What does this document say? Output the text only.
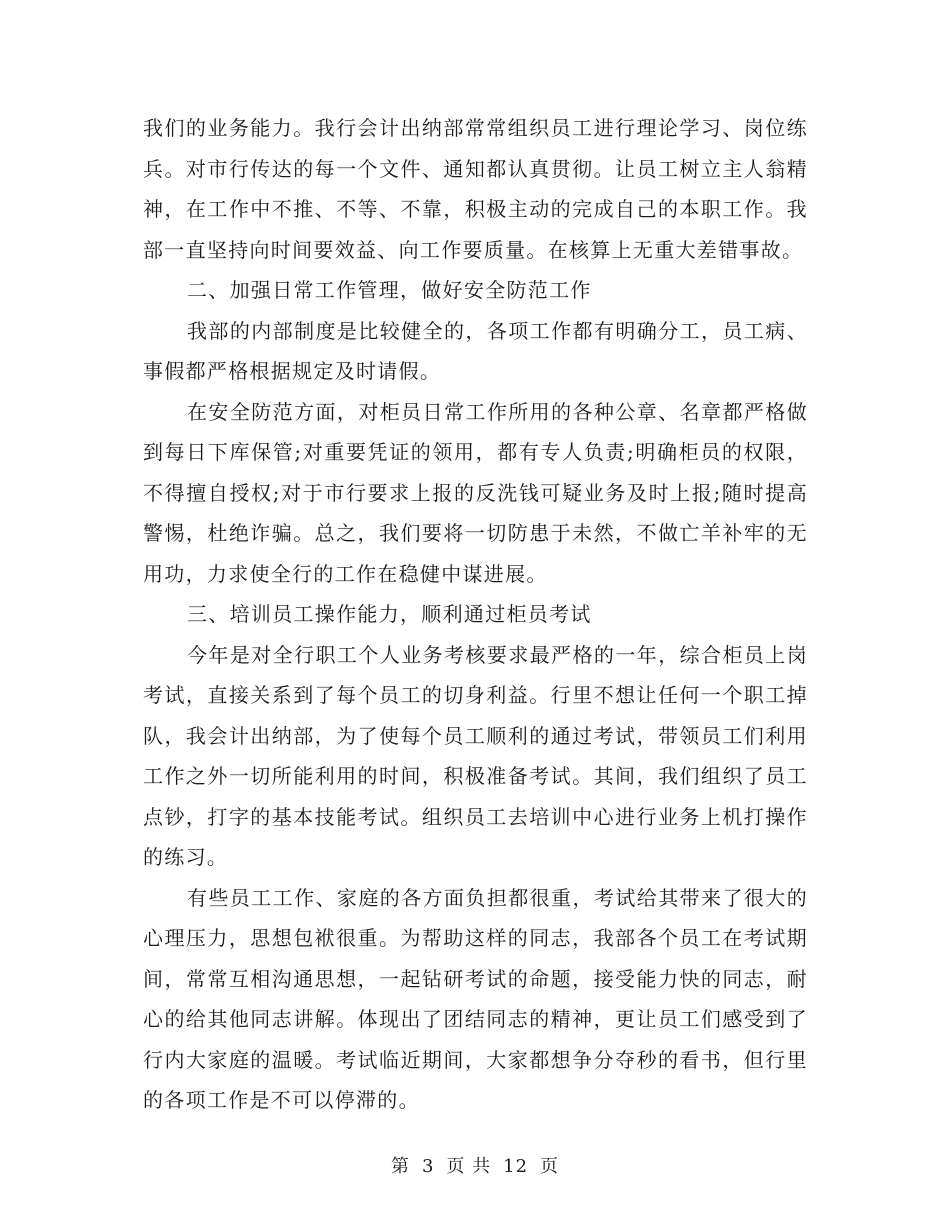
我们的业务能力。我行会计出纳部常常组织员工进行理论学习、岗位练兵。对市行传达的每一个文件、通知都认真贯彻。让员工树立主人翁精神，在工作中不推、不等、不靠，积极主动的完成自己的本职工作。我部一直坚持向时间要效益、向工作要质量。在核算上无重大差错事故。

二、加强日常工作管理，做好安全防范工作

我部的内部制度是比较健全的，各项工作都有明确分工，员工病、事假都严格根据规定及时请假。

在安全防范方面，对柜员日常工作所用的各种公章、名章都严格做到每日下库保管;对重要凭证的领用，都有专人负责;明确柜员的权限，不得擅自授权;对于市行要求上报的反洗钱可疑业务及时上报;随时提高警惕，杜绝诈骗。总之，我们要将一切防患于未然，不做亡羊补牢的无用功，力求使全行的工作在稳健中谋进展。

三、培训员工操作能力，顺利通过柜员考试

今年是对全行职工个人业务考核要求最严格的一年，综合柜员上岗考试，直接关系到了每个员工的切身利益。行里不想让任何一个职工掉队，我会计出纳部，为了使每个员工顺利的通过考试，带领员工们利用工作之外一切所能利用的时间，积极准备考试。其间，我们组织了员工点钞，打字的基本技能考试。组织员工去培训中心进行业务上机打操作的练习。

有些员工工作、家庭的各方面负担都很重，考试给其带来了很大的心理压力，思想包袱很重。为帮助这样的同志，我部各个员工在考试期间，常常互相沟通思想，一起钻研考试的命题，接受能力快的同志，耐心的给其他同志讲解。体现出了团结同志的精神，更让员工们感受到了行内大家庭的温暖。考试临近期间，大家都想争分夺秒的看书，但行里的各项工作是不可以停滞的。

第 3 页 共 12 页
